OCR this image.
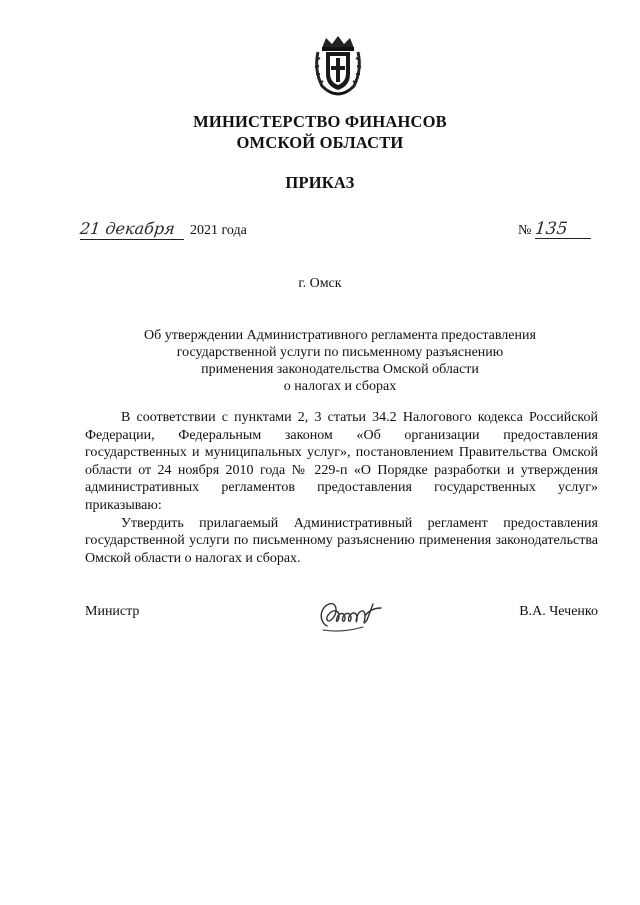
МИНИСТЕРСТВО ФИНАНСОВ
ОМСКОЙ ОБЛАСТИ
ПРИКАЗ
21 декабря 2021 года	№ 135
г. Омск
Об утверждении Административного регламента предоставления
государственной услуги по письменному разъяснению
применения законодательства Омской области
о налогах и сборах

В соответствии с пунктами 2, 3 статьи 34.2 Налогового кодекса Российской Федерации, Федеральным законом «Об организации предоставления государственных и муниципальных услуг», постановлением Правительства Омской области от 24 ноября 2010 года № 229-п «О Порядке разработки и утверждения административных регламентов предоставления государственных услуг» приказываю:

Утвердить прилагаемый Административный регламент предоставления государственной услуги по письменному разъяснению применения законодательства Омской области о налогах и сборах.

Министр	В.А. Чеченко
